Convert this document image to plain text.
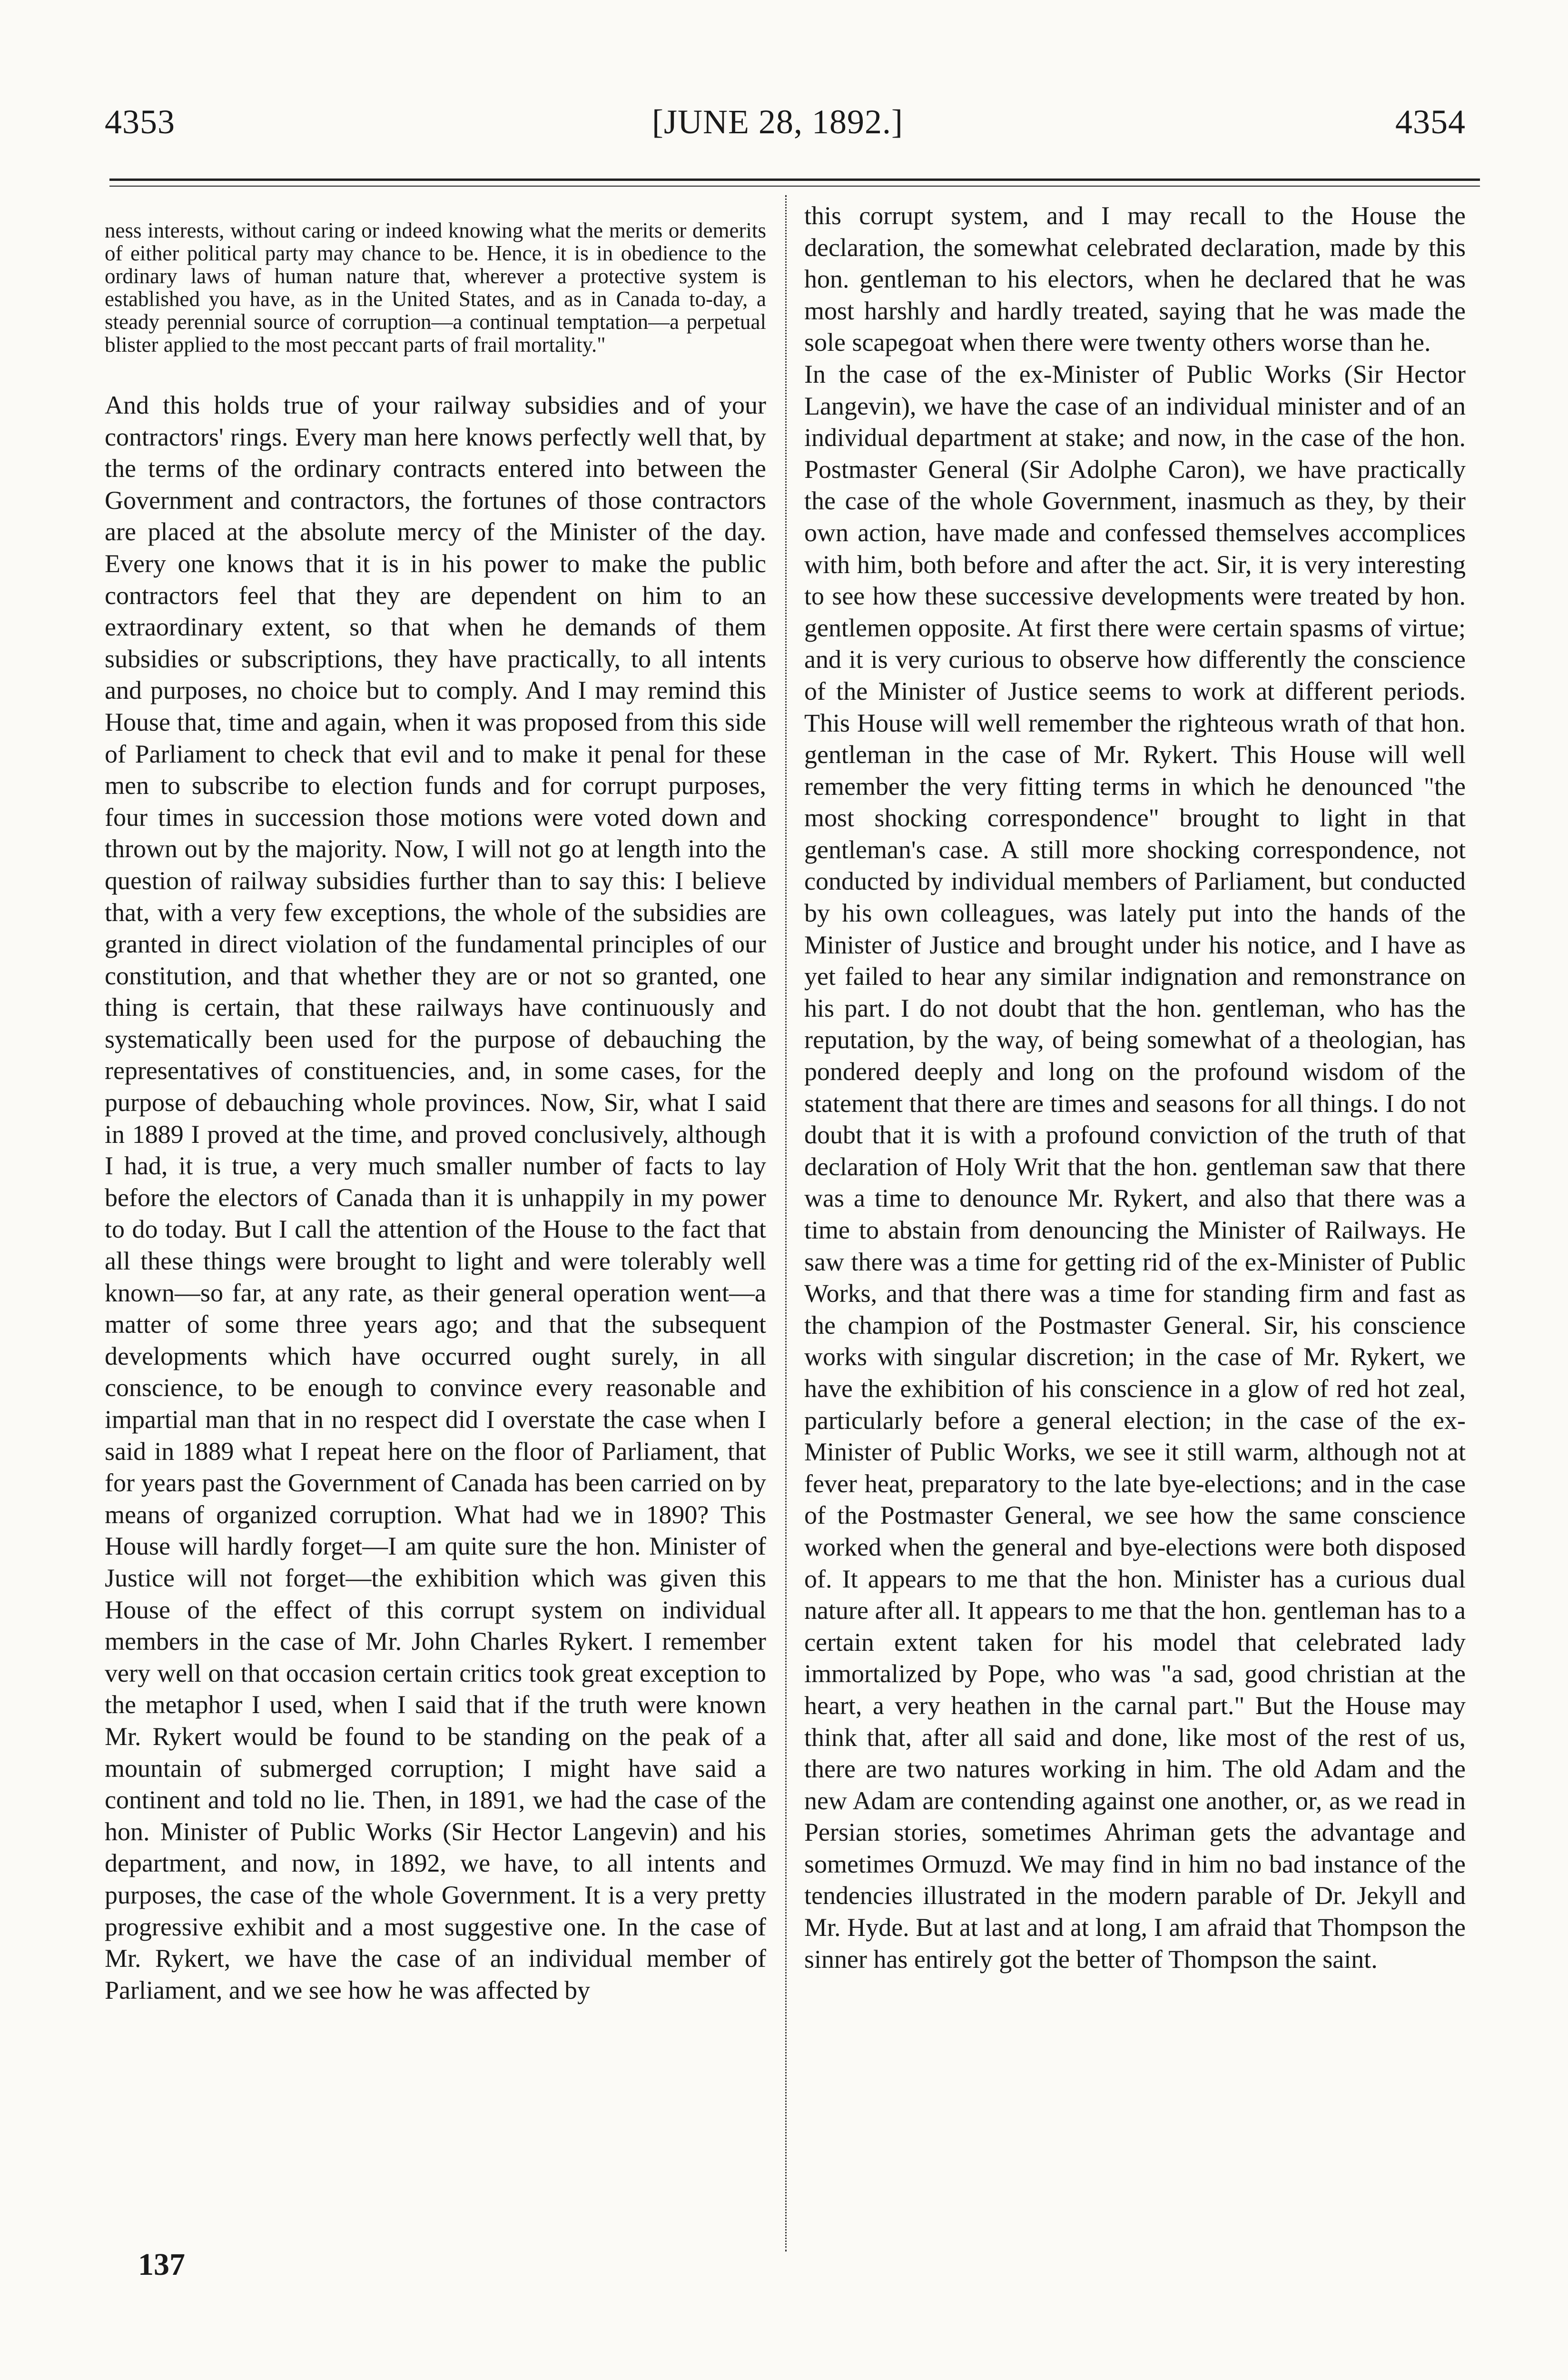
4353	[JUNE 28, 1892.]	4354

ness interests, without caring or indeed knowing what the merits or demerits of either political party may chance to be. Hence, it is in obedience to the ordinary laws of human nature that, wherever a protective system is established you have, as in the United States, and as in Canada to-day, a steady perennial source of corruption—a continual temptation—a perpetual blister applied to the most peccant parts of frail mortality."

And this holds true of your railway subsidies and of your contractors' rings. Every man here knows perfectly well that, by the terms of the ordinary contracts entered into between the Government and contractors, the fortunes of those contractors are placed at the absolute mercy of the Minister of the day. Every one knows that it is in his power to make the public contractors feel that they are dependent on him to an extraordinary extent, so that when he demands of them subsidies or subscriptions, they have practically, to all intents and purposes, no choice but to comply. And I may remind this House that, time and again, when it was proposed from this side of Parliament to check that evil and to make it penal for these men to subscribe to election funds and for corrupt purposes, four times in succession those motions were voted down and thrown out by the majority. Now, I will not go at length into the question of railway subsidies further than to say this: I believe that, with a very few exceptions, the whole of the subsidies are granted in direct violation of the fundamental principles of our constitution, and that whether they are or not so granted, one thing is certain, that these railways have continuously and systematically been used for the purpose of debauching the representatives of constituencies, and, in some cases, for the purpose of debauching whole provinces. Now, Sir, what I said in 1889 I proved at the time, and proved conclusively, although I had, it is true, a very much smaller number of facts to lay before the electors of Canada than it is unhappily in my power to do today. But I call the attention of the House to the fact that all these things were brought to light and were tolerably well known—so far, at any rate, as their general operation went—a matter of some three years ago; and that the subsequent developments which have occurred ought surely, in all conscience, to be enough to convince every reasonable and impartial man that in no respect did I overstate the case when I said in 1889 what I repeat here on the floor of Parliament, that for years past the Government of Canada has been carried on by means of organized corruption. What had we in 1890? This House will hardly forget—I am quite sure the hon. Minister of Justice will not forget—the exhibition which was given this House of the effect of this corrupt system on individual members in the case of Mr. John Charles Rykert. I remember very well on that occasion certain critics took great exception to the metaphor I used, when I said that if the truth were known Mr. Rykert would be found to be standing on the peak of a mountain of submerged corruption; I might have said a continent and told no lie. Then, in 1891, we had the case of the hon. Minister of Public Works (Sir Hector Langevin) and his department, and now, in 1892, we have, to all intents and purposes, the case of the whole Government. It is a very pretty progressive exhibit and a most suggestive one. In the case of Mr. Rykert, we have the case of an individual member of Parliament, and we see how he was affected by

this corrupt system, and I may recall to the House the declaration, the somewhat celebrated declaration, made by this hon. gentleman to his electors, when he declared that he was most harshly and hardly treated, saying that he was made the sole scapegoat when there were twenty others worse than he.

In the case of the ex-Minister of Public Works (Sir Hector Langevin), we have the case of an individual minister and of an individual department at stake; and now, in the case of the hon. Postmaster General (Sir Adolphe Caron), we have practically the case of the whole Government, inasmuch as they, by their own action, have made and confessed themselves accomplices with him, both before and after the act. Sir, it is very interesting to see how these successive developments were treated by hon. gentlemen opposite. At first there were certain spasms of virtue; and it is very curious to observe how differently the conscience of the Minister of Justice seems to work at different periods. This House will well remember the righteous wrath of that hon. gentleman in the case of Mr. Rykert. This House will well remember the very fitting terms in which he denounced "the most shocking correspondence" brought to light in that gentleman's case. A still more shocking correspondence, not conducted by individual members of Parliament, but conducted by his own colleagues, was lately put into the hands of the Minister of Justice and brought under his notice, and I have as yet failed to hear any similar indignation and remonstrance on his part. I do not doubt that the hon. gentleman, who has the reputation, by the way, of being somewhat of a theologian, has pondered deeply and long on the profound wisdom of the statement that there are times and seasons for all things. I do not doubt that it is with a profound conviction of the truth of that declaration of Holy Writ that the hon. gentleman saw that there was a time to denounce Mr. Rykert, and also that there was a time to abstain from denouncing the Minister of Railways. He saw there was a time for getting rid of the ex-Minister of Public Works, and that there was a time for standing firm and fast as the champion of the Postmaster General. Sir, his conscience works with singular discretion; in the case of Mr. Rykert, we have the exhibition of his conscience in a glow of red hot zeal, particularly before a general election; in the case of the ex-Minister of Public Works, we see it still warm, although not at fever heat, preparatory to the late bye-elections; and in the case of the Postmaster General, we see how the same conscience worked when the general and bye-elections were both disposed of. It appears to me that the hon. Minister has a curious dual nature after all. It appears to me that the hon. gentleman has to a certain extent taken for his model that celebrated lady immortalized by Pope, who was "a sad, good christian at the heart, a very heathen in the carnal part." But the House may think that, after all said and done, like most of the rest of us, there are two natures working in him. The old Adam and the new Adam are contending against one another, or, as we read in Persian stories, sometimes Ahriman gets the advantage and sometimes Ormuzd. We may find in him no bad instance of the tendencies illustrated in the modern parable of Dr. Jekyll and Mr. Hyde. But at last and at long, I am afraid that Thompson the sinner has entirely got the better of Thompson the saint.

137
